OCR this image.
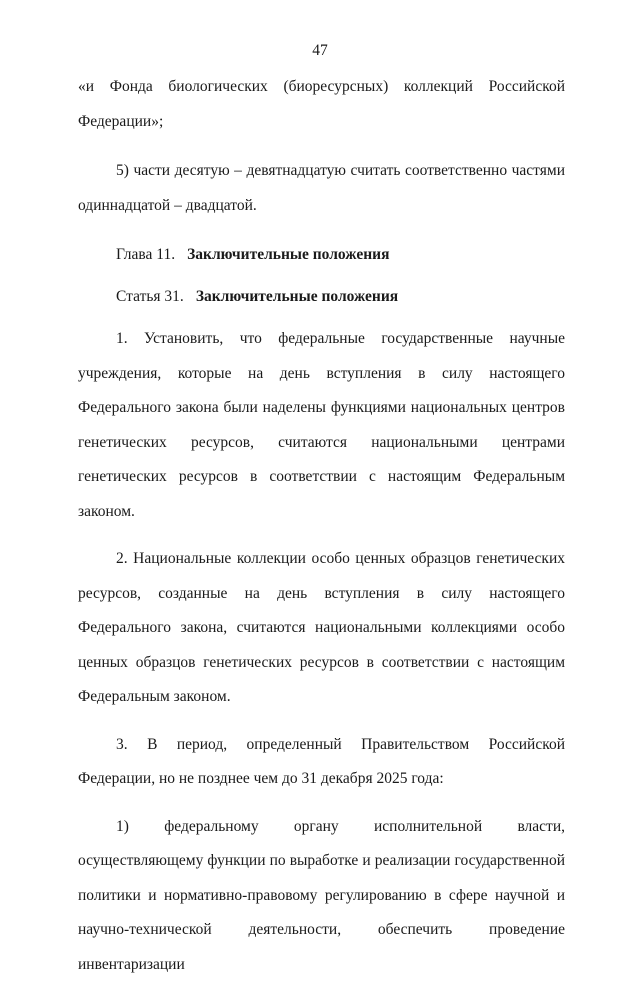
47

«и Фонда биологических (биоресурсных) коллекций Российской Федерации»;

5) части десятую – девятнадцатую считать соответственно частями одиннадцатой – двадцатой.

Глава 11. Заключительные положения

Статья 31. Заключительные положения

1. Установить, что федеральные государственные научные учреждения, которые на день вступления в силу настоящего Федерального закона были наделены функциями национальных центров генетических ресурсов, считаются национальными центрами генетических ресурсов в соответствии с настоящим Федеральным законом.

2. Национальные коллекции особо ценных образцов генетических ресурсов, созданные на день вступления в силу настоящего Федерального закона, считаются национальными коллекциями особо ценных образцов генетических ресурсов в соответствии с настоящим Федеральным законом.

3. В период, определенный Правительством Российской Федерации, но не позднее чем до 31 декабря 2025 года:

1) федеральному органу исполнительной власти, осуществляющему функции по выработке и реализации государственной политики и нормативно-правовому регулированию в сфере научной и научно-технической деятельности, обеспечить проведение инвентаризации
